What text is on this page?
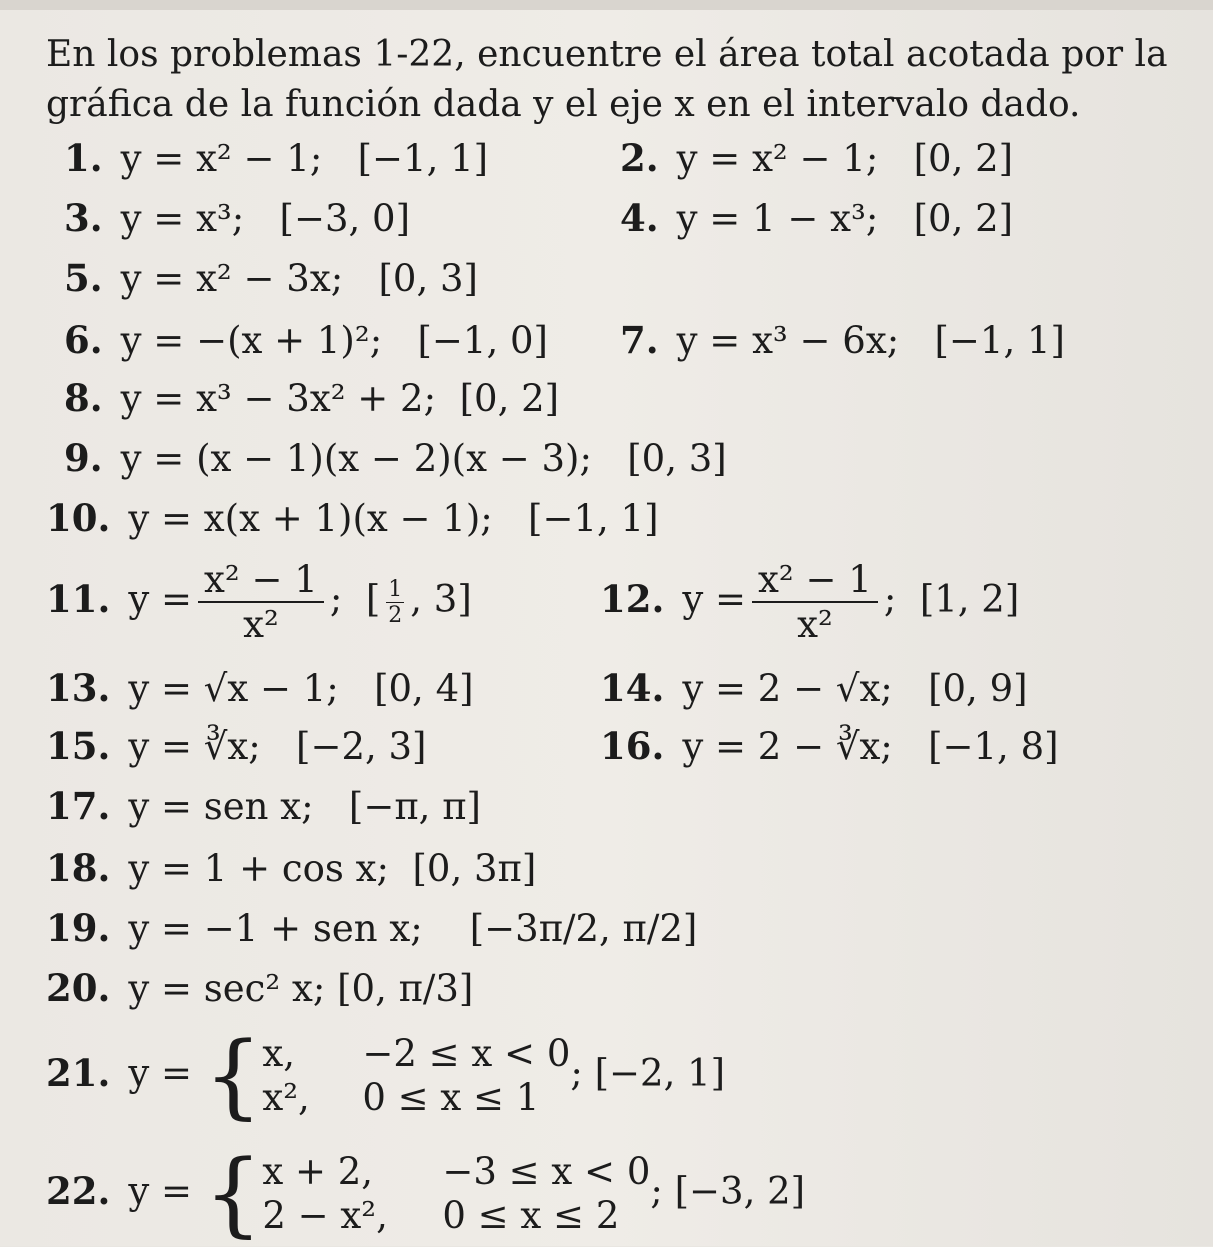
En los problemas 1-22, encuentre el área total acotada por la gráfica de la función dada y el eje x en el intervalo dado.
1. y = x² − 1; [−1, 1]	2. y = x² − 1; [0, 2]
3. y = x³; [−3, 0]	4. y = 1 − x³; [0, 2]
5. y = x² − 3x; [0, 3]
6. y = −(x + 1)²; [−1, 0] 7. y = x³ − 6x; [−1, 1]
8. y = x³ − 3x² + 2; [0, 2]
9. y = (x − 1)(x − 2)(x − 3); [0, 3]
10. y = x(x + 1)(x − 1); [−1, 1]
11. $y = \frac{\text{x² − 1}}{\text{x²}}$ ;  [ $\frac{1}{2}$ , 3]	12. $y = \frac{\text{x² − 1}}{\text{x²}}$ ;  [1, 2]
13. y = √x − 1; [0, 4]	14. y = 2 − √x; [0, 9]
15. y = ∛x; [−2, 3]	16. y = 2 − ∛x; [−1, 8]
17. y = sen x; [−π, π]
18. y = 1 + cos x; [0, 3π]
19. y = −1 + sen x; [−3π/2, π/2]
20. y = sec² x; [0, π/3]
21. y = { x, −2 ≤ x < 0
x², 0 ≤ x ≤ 1
; [−2, 1]
22. y = { x + 2, −3 ≤ x < 0
2 − x², 0 ≤ x ≤ 2
; [−3, 2]
